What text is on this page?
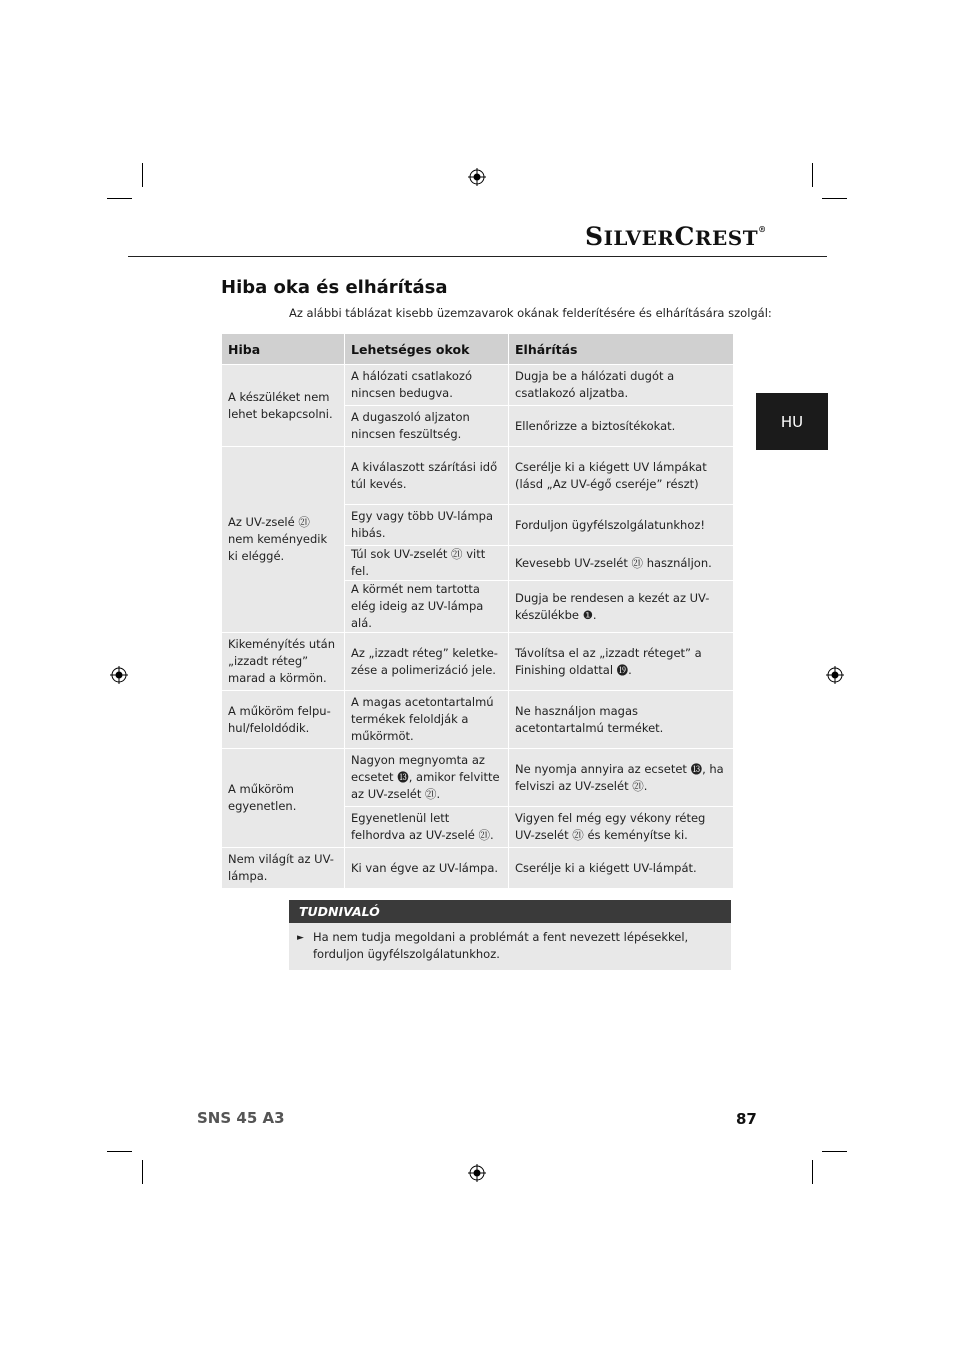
SILVERCREST®
HU
Hiba oka és elhárítása

Az alábbi táblázat kisebb üzemzavarok okának felderítésére és elhárítására szolgál:

Hiba	Lehetséges okok	Elhárítás
A készüléket nem lehet bekapcsolni.	A hálózati csatlakozó nincsen bedugva.	Dugja be a hálózati dugót a csatlakozó aljzatba.
	A dugaszoló aljzaton nincsen feszültség.	Ellenőrizze a biztosítékokat.
Az UV-zselé ㉑ nem keményedik ki eléggé.	A kiválaszott szárítási idő túl kevés.	Cserélje ki a kiégett UV lámpákat (lásd „Az UV-égő cseréje” részt)
	Egy vagy több UV-lámpa hibás.	Forduljon ügyfélszolgálatunkhoz!
	Túl sok UV-zselét ㉑ vitt fel.	Kevesebb UV-zselét ㉑ használjon.
	A körmét nem tartotta elég ideig az UV-lámpa alá.	Dugja be rendesen a kezét az UV-készülékbe ❶.
Kikeményítés után „izzadt réteg” marad a körmön.	Az „izzadt réteg” keletke-zése a polimerizáció jele.	Távolítsa el az „izzadt réteget” a Finishing oldattal ⓳.
A műköröm felpu-hul/feloldódik.	A magas acetontartalmú termékek feloldják a műkörmöt.	Ne használjon magas acetontartalmú terméket.
A műköröm egyenetlen.	Nagyon megnyomta az ecsetet ⓭, amikor felvitte az UV-zselét ㉑.	Ne nyomja annyira az ecsetet ⓭, ha felviszi az UV-zselét ㉑.
	Egyenetlenül lett felhordva az UV-zselé ㉑.	Vigyen fel még egy vékony réteg UV-zselét ㉑ és keményítse ki.
Nem világít az UV-lámpa.	Ki van égve az UV-lámpa.	Cserélje ki a kiégett UV-lámpát.
TUDNIVALÓ
► Ha nem tudja megoldani a problémát a fent nevezett lépésekkel, forduljon ügyfélszolgálatunkhoz.
SNS 45 A3	87
